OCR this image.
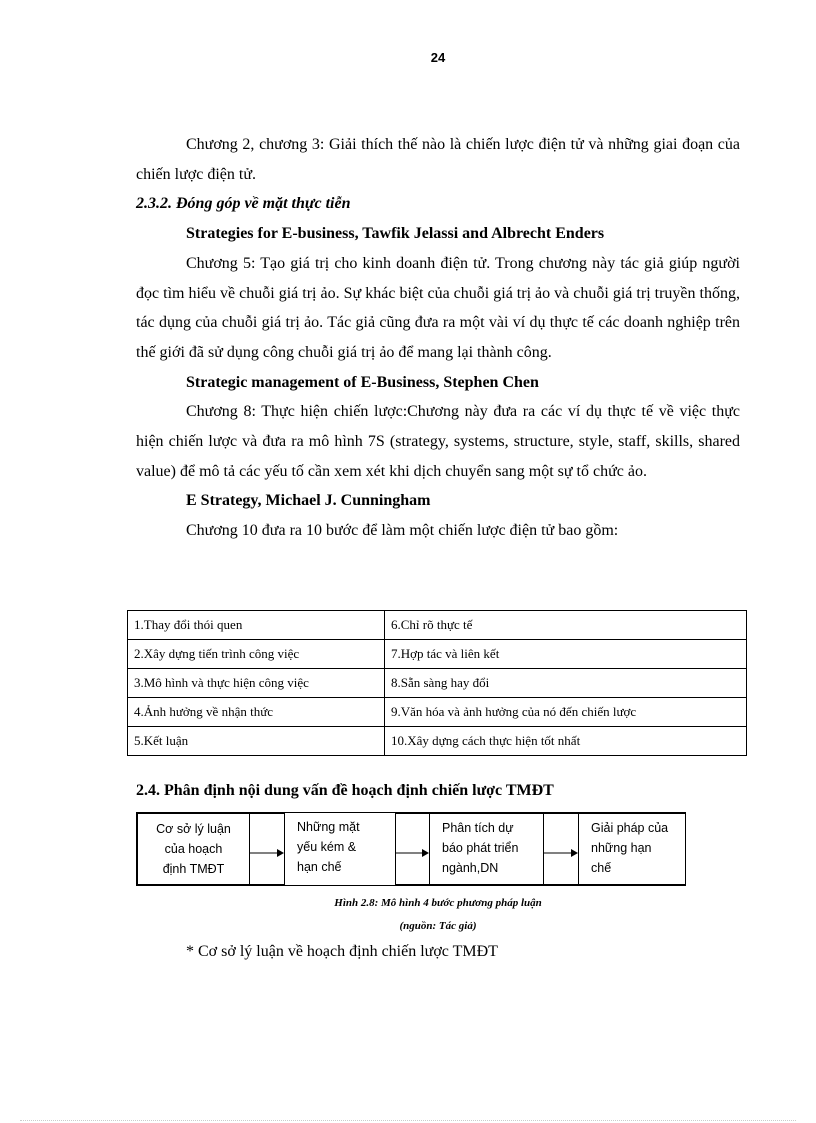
24

Chương 2, chương 3: Giải thích thế nào là chiến lược điện tử và những giai đoạn của chiến lược điện tử.

2.3.2. Đóng góp về mặt thực tiễn

Strategies for E-business, Tawfik Jelassi and Albrecht Enders

Chương 5: Tạo giá trị cho kinh doanh điện tử. Trong chương này tác giả giúp người đọc tìm hiểu về chuỗi giá trị ảo. Sự khác biệt của chuỗi giá trị ảo và chuỗi giá trị truyền thống, tác dụng của chuỗi giá trị ảo. Tác giả cũng đưa ra một vài ví dụ thực tế các doanh nghiệp trên thế giới đã sử dụng công chuỗi giá trị ảo để mang lại thành công.

Strategic management of E-Business, Stephen Chen

Chương 8: Thực hiện chiến lược:Chương này đưa ra các ví dụ thực tế về việc thực hiện chiến lược và đưa ra mô hình 7S (strategy, systems, structure, style, staff, skills, shared value) để mô tả các yếu tố cần xem xét khi dịch chuyển sang một sự tổ chức ảo.

E Strategy, Michael J. Cunningham

Chương 10 đưa ra 10 bước để làm một chiến lược điện tử bao gồm:

1.Thay đổi thói quen	6.Chỉ rõ thực tế
2.Xây dựng tiến trình công việc	7.Hợp tác và liên kết
3.Mô hình và thực hiện công việc	8.Sẵn sàng hay đổi
4.Ảnh hưởng về nhận thức	9.Văn hóa và ảnh hưởng của nó đến chiến lược
5.Kết luận	10.Xây dựng cách thực hiện tốt nhất
2.4. Phân định nội dung vấn đề hoạch định chiến lược TMĐT
Cơ sở lý luận
của hoạch
định TMĐT
Những mặt
yếu kém &
hạn chế
Phân tích dự
báo phát triển
ngành,DN
Giải pháp của
những hạn
chế
Hình 2.8: Mô hình 4 bước phương pháp luận
(nguồn: Tác giả)
* Cơ sở lý luận về hoạch định chiến lược TMĐT
